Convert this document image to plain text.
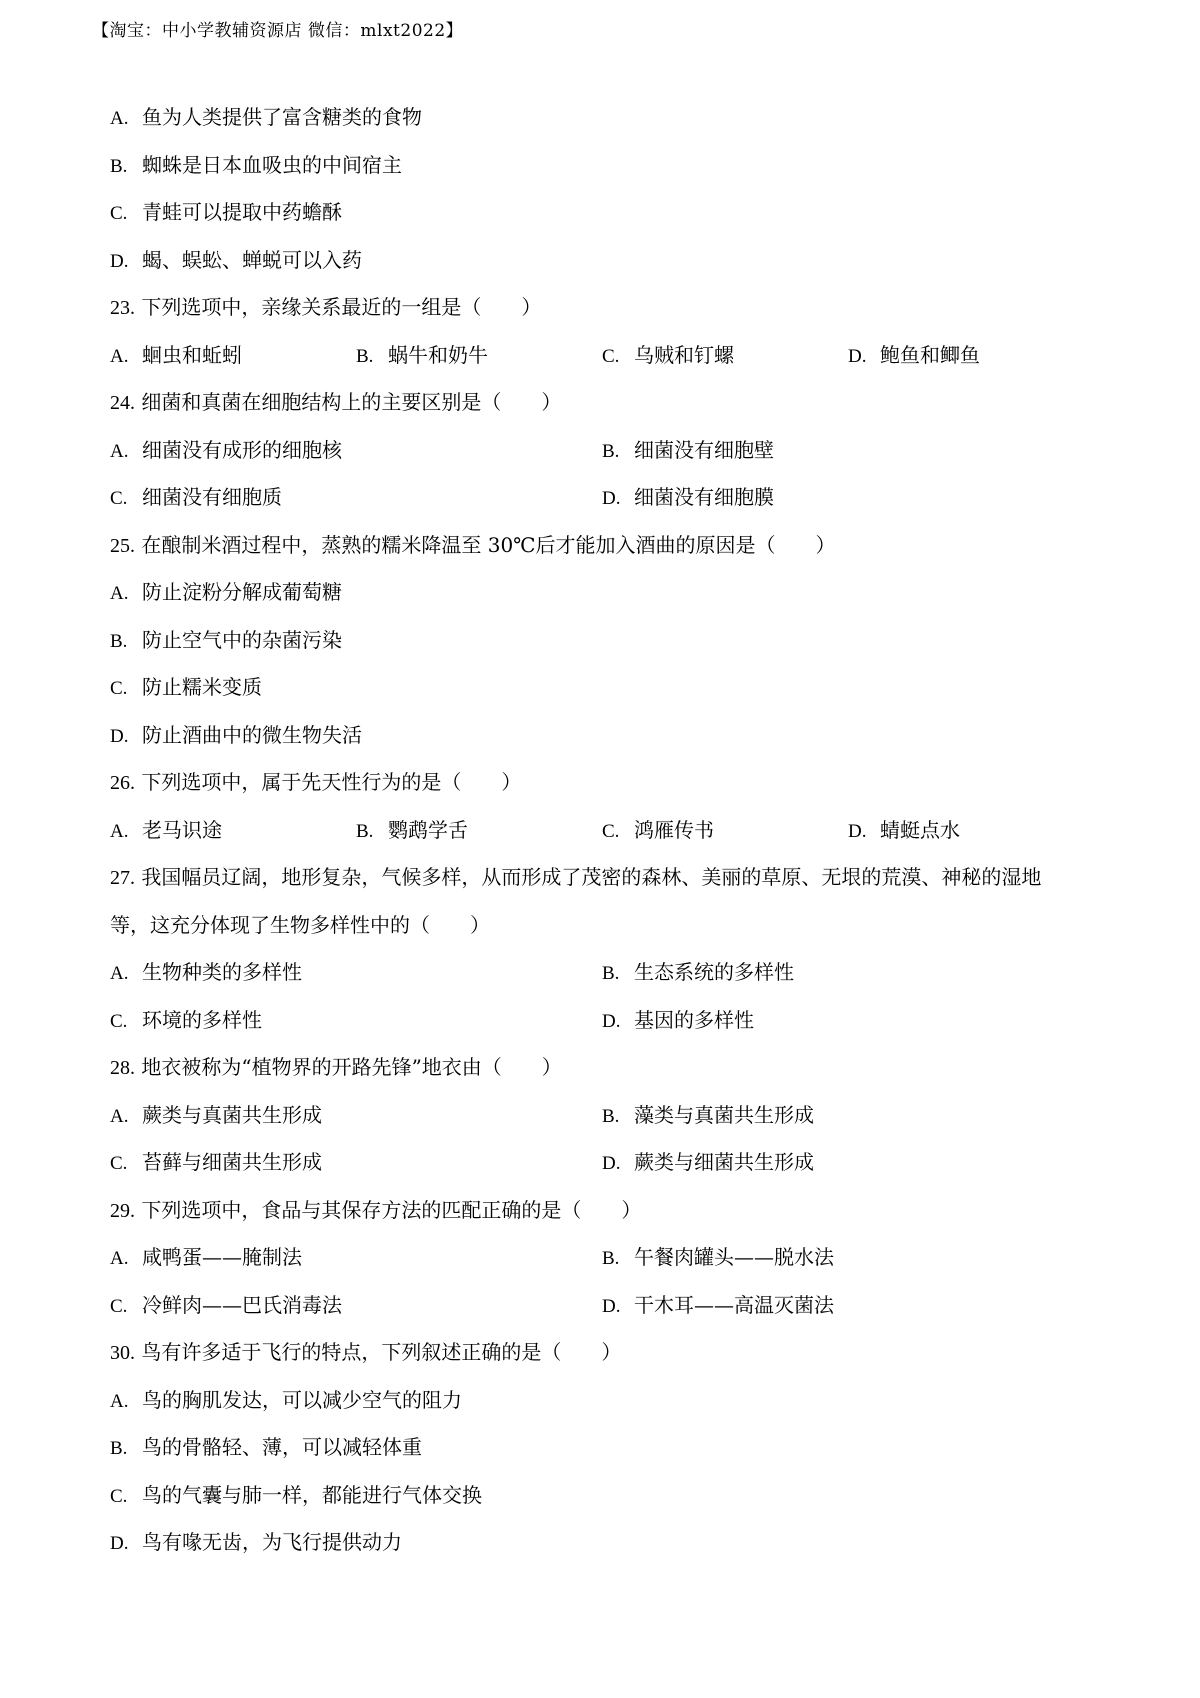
【淘宝：中小学教辅资源店 微信：mlxt2022】
A. 鱼为人类提供了富含糖类的食物
B. 蜘蛛是日本血吸虫的中间宿主
C. 青蛙可以提取中药蟾酥
D. 蝎、蜈蚣、蝉蜕可以入药
23. 下列选项中，亲缘关系最近的一组是（　　）
A. 蛔虫和蚯蚓	B. 蜗牛和奶牛	C. 乌贼和钉螺	D. 鲍鱼和鲫鱼
24. 细菌和真菌在细胞结构上的主要区别是（　　）
A. 细菌没有成形的细胞核	B. 细菌没有细胞壁
C. 细菌没有细胞质	D. 细菌没有细胞膜
25. 在酿制米酒过程中，蒸熟的糯米降温至 30℃后才能加入酒曲的原因是（　　）
A. 防止淀粉分解成葡萄糖
B. 防止空气中的杂菌污染
C. 防止糯米变质
D. 防止酒曲中的微生物失活
26. 下列选项中，属于先天性行为的是（　　）
A. 老马识途	B. 鹦鹉学舌	C. 鸿雁传书	D. 蜻蜓点水
27. 我国幅员辽阔，地形复杂，气候多样，从而形成了茂密的森林、美丽的草原、无垠的荒漠、神秘的湿地
等，这充分体现了生物多样性中的（　　）
A. 生物种类的多样性	B. 生态系统的多样性
C. 环境的多样性	D. 基因的多样性
28. 地衣被称为“植物界的开路先锋”地衣由（　　）
A. 蕨类与真菌共生形成	B. 藻类与真菌共生形成
C. 苔藓与细菌共生形成	D. 蕨类与细菌共生形成
29. 下列选项中，食品与其保存方法的匹配正确的是（　　）
A. 咸鸭蛋——腌制法	B. 午餐肉罐头——脱水法
C. 冷鲜肉——巴氏消毒法	D. 干木耳——高温灭菌法
30. 鸟有许多适于飞行的特点，下列叙述正确的是（　　）
A. 鸟的胸肌发达，可以减少空气的阻力
B. 鸟的骨骼轻、薄，可以减轻体重
C. 鸟的气囊与肺一样，都能进行气体交换
D. 鸟有喙无齿，为飞行提供动力
